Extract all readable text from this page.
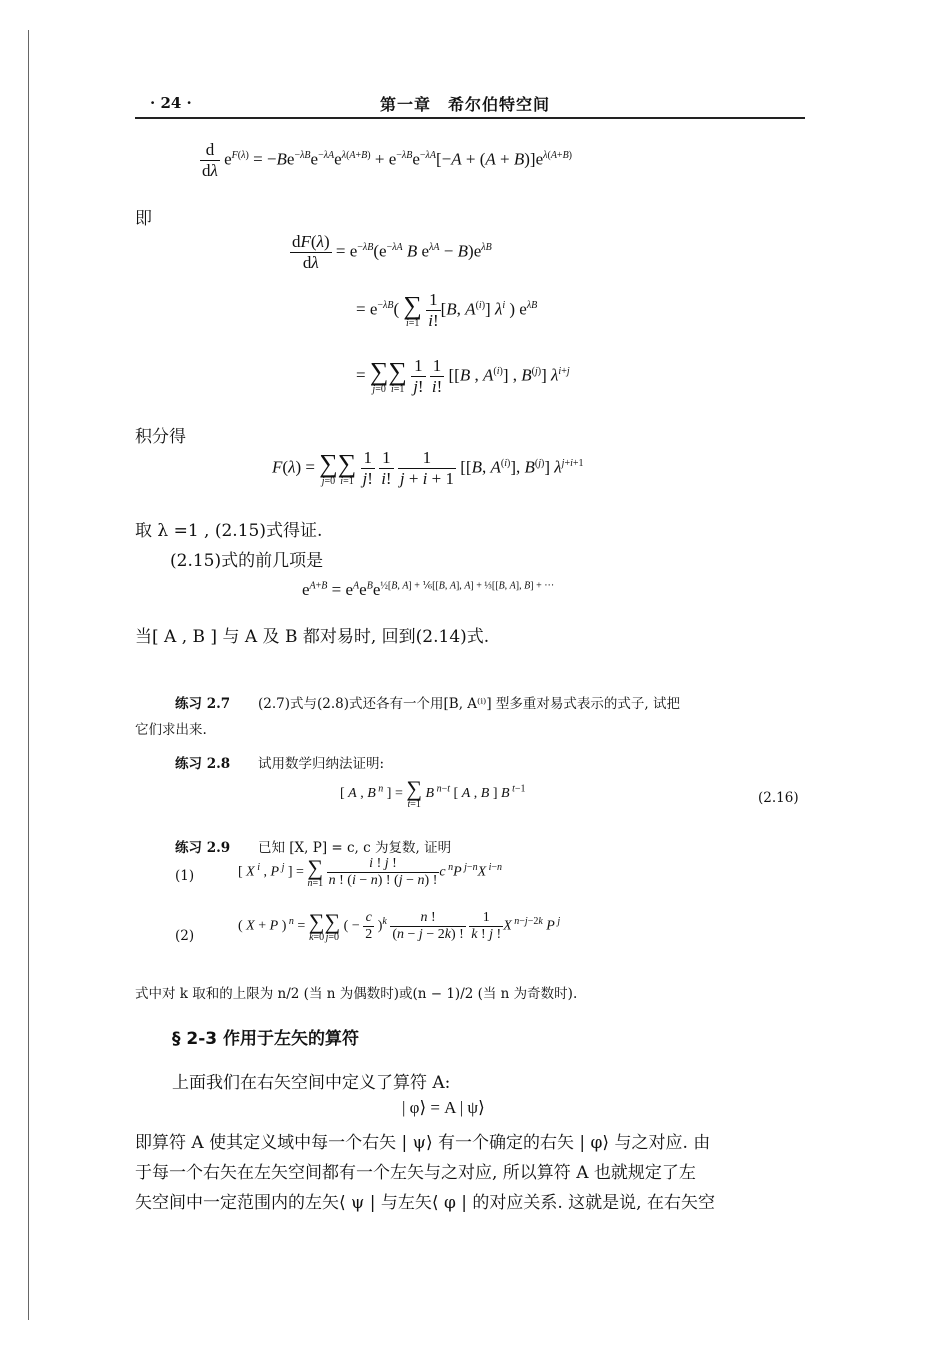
· 24 ·	第一章　希尔伯特空间
$\frac{d}{d\lambda} e^{F(\lambda)} = -Be^{-\lambda B}e^{-\lambda A}e^{\lambda(A+B)} + e^{-\lambda B}e^{-\lambda A}[-A + (A + B)]e^{\lambda(A+B)}$
即
$\frac{dF(\lambda)}{d\lambda} = e^{-\lambda B}(e^{-\lambda A}$ B $e^{\lambda A} - B)e^{\lambda B}$
= $e^{-\lambda B}$( ∑
i=1
$\frac{1}{i!} [B$, $A^{(i)}$] $\lambda^i$ ) $e^{\lambda B}$
= ∑
j=0
∑
i=1
$\frac{1}{j!}$
$\frac{1}{i!} [[B$ , $A^{(i)}$] , $B^{(j)}$] $\lambda^{i+j}$
积分得
F(λ) = ∑
j=0
∑
i=1
$\frac{1}{j!}$
$\frac{1}{i!}$
$\frac{1}{j + i + 1} [[B$, $A^{(i)}$], $B^{(j)}$] $\lambda^{j+i+1}$
取 λ =1 , (2.15)式得证.
(2.15)式的前几项是
$e^{A+B} = e^Ae^Be^{\frac{1}{2}[B, A] + \frac{1}{6}[[B, A], A] + \frac{1}{3}[[B, A], B] + \cdot\cdot\cdot}$
当[ A , B ] 与 A 及 B 都对易时, 回到(2.14)式.
练习 2.7 (2.7)式与(2.8)式还各有一个用[B, A⁽ⁱ⁾] 型多重对易式表示的式子, 试把
它们求出来.
练习 2.8 试用数学归纳法证明:
[ A , B $^n$ ] = ∑
t=1
B $^{n-t}$ [ A , B ] B $^{t-1}$
(2.16)
练习 2.9 已知 [X, P] = c, c 为复数, 证明
(1)	[ X $^i$ , P $^j$ ] = ∑
n=1
$\frac{i ! j !}{n ! (i - n) ! (j - n) !}$ c $^n$P $^{j-n}$X $^{i-n}$
(2)
( X + P ) $^n$ = ∑
k=0
∑
j=0
( − $\frac{c}{2} )^k \frac{n !}{(n - j - 2k) !}$
$\frac{1}{k ! j !}$ X $^{n-j-2k}$ P $^j$
式中对 k 取和的上限为 n/2 (当 n 为偶数时)或(n − 1)/2 (当 n 为奇数时).
§ 2-3 作用于左矢的算符
上面我们在右矢空间中定义了算符 A:
| φ⟩ = A | ψ⟩
即算符 A 使其定义域中每一个右矢 | ψ⟩ 有一个确定的右矢 | φ⟩ 与之对应. 由
于每一个右矢在左矢空间都有一个左矢与之对应, 所以算符 A 也就规定了左
矢空间中一定范围内的左矢⟨ ψ | 与左矢⟨ φ | 的对应关系. 这就是说, 在右矢空
